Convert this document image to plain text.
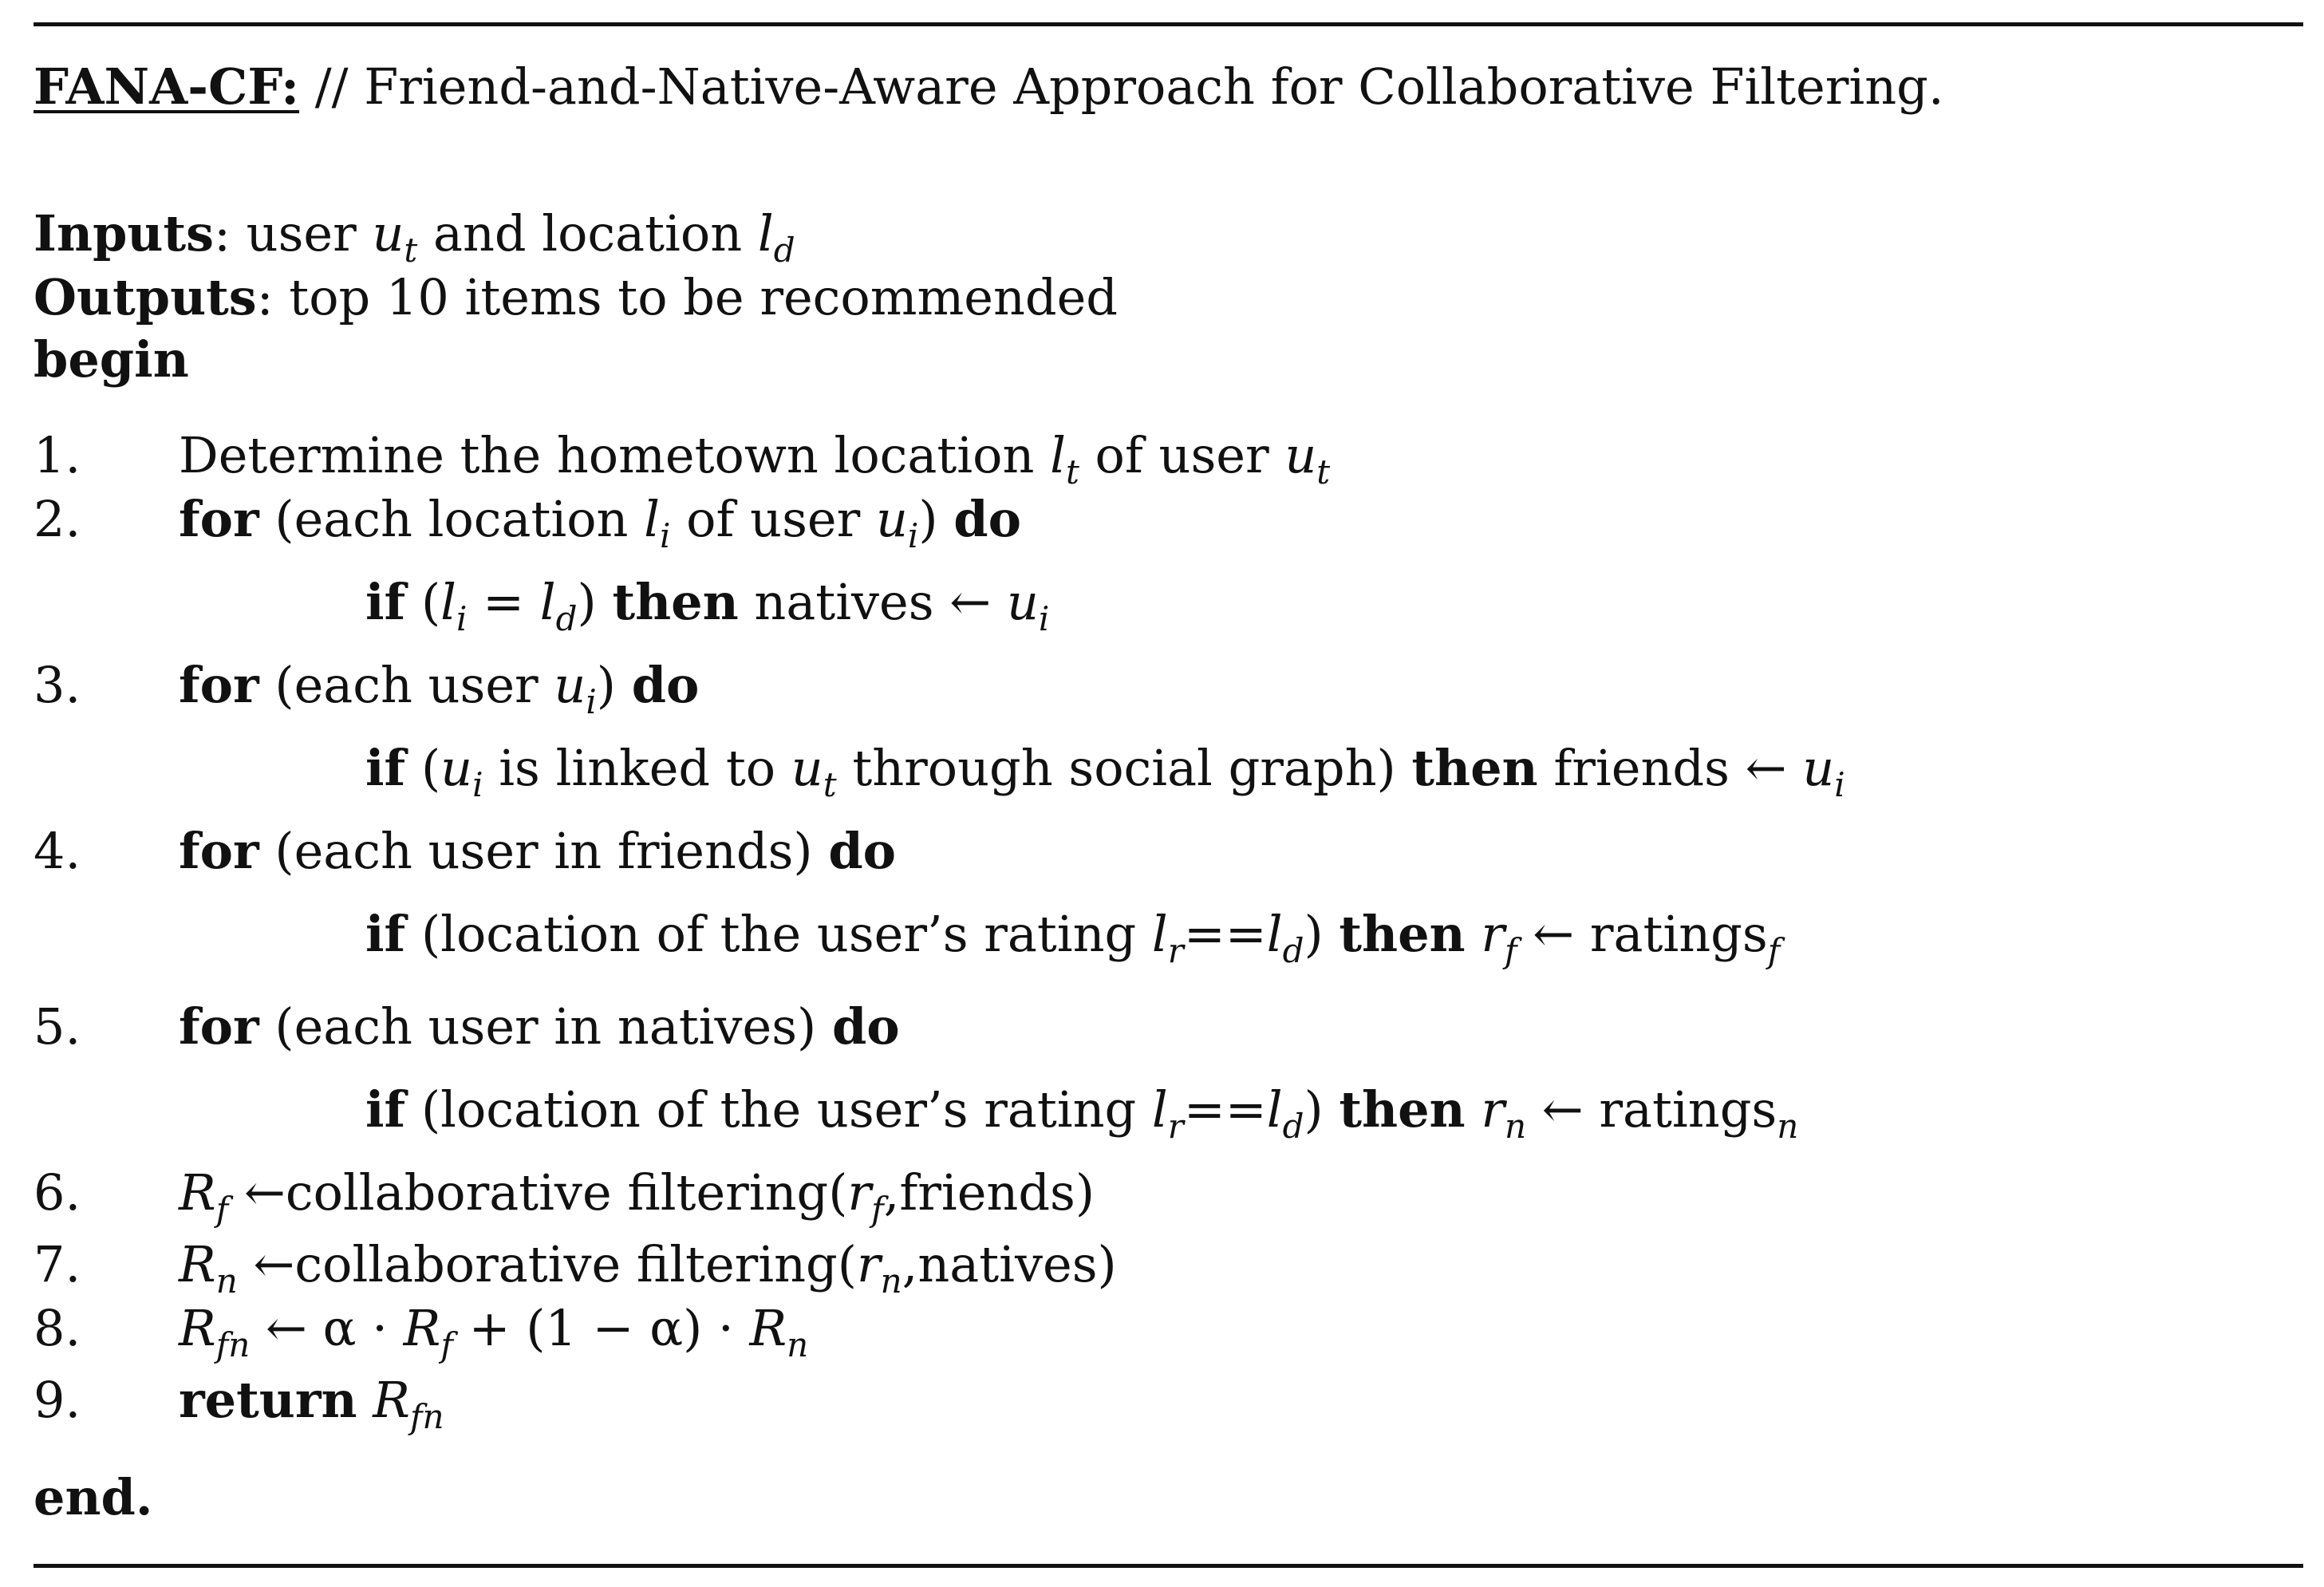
FANA-CF: // Friend-and-Native-Aware Approach for Collaborative Filtering.
Inputs: user $u_t$ and location $l_d$
Outputs: top 10 items to be recommended
begin
1. Determine the hometown location $l_t$ of user $u_t$
2. for (each location $l_i$ of user $u_i$) do
if $(l_i = l_d)$ then natives ← $u_i$
3. for (each user $u_i$) do
if ($u_i$ is linked to $u_t$ through social graph) then friends ← $u_i$
4. for (each user in friends) do
if (location of the user’s rating $l_r==l_d$) then $r_f$ ← ratings$_f$
5. for (each user in natives) do
if (location of the user’s rating $l_r==l_d$) then $r_n$ ← ratings$_n$
6. $R_f$ ←collaborative $filtering(r_f,friends)$
7. $R_n$ ←collaborative $filtering(r_n,natives)$
8. $R_{fn}$ ← $\alpha \cdot R_f + (1 - \alpha) \cdot R_n$
9. return $R_{fn}$
end.
